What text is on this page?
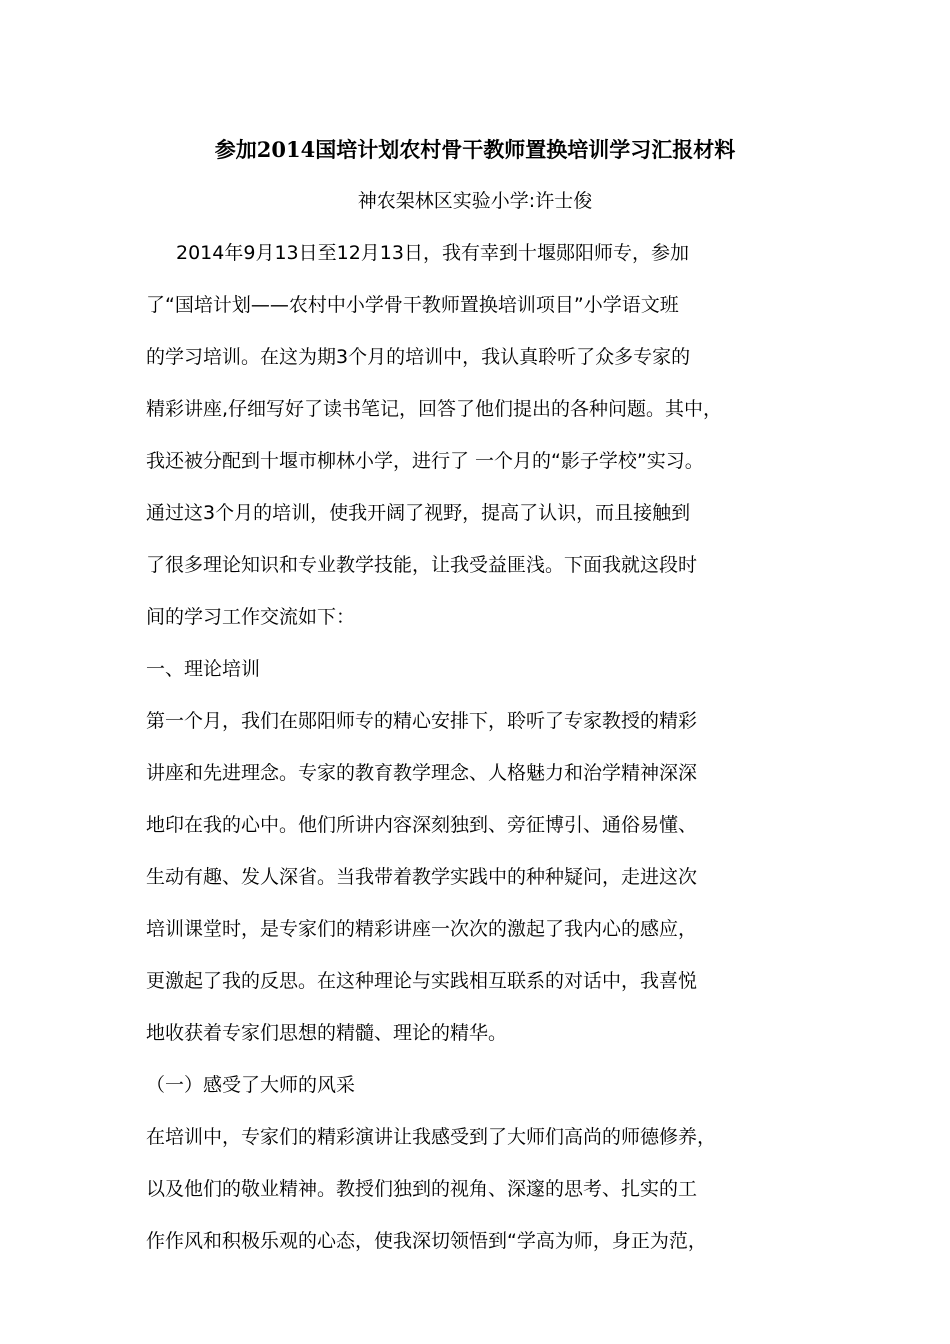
参加2014国培计划农村骨干教师置换培训学习汇报材料

神农架林区实验小学:许士俊

2014年9月13日至12月13日，我有幸到十堰郧阳师专，参加

了“国培计划——农村中小学骨干教师置换培训项目”小学语文班

的学习培训。在这为期3个月的培训中，我认真聆听了众多专家的

精彩讲座,仔细写好了读书笔记，回答了他们提出的各种问题。其中，

我还被分配到十堰市柳林小学，进行了 一个月的“影子学校”实习。

通过这3个月的培训，使我开阔了视野，提高了认识，而且接触到

了很多理论知识和专业教学技能，让我受益匪浅。下面我就这段时

间的学习工作交流如下：

一、理论培训

第一个月，我们在郧阳师专的精心安排下，聆听了专家教授的精彩

讲座和先进理念。专家的教育教学理念、人格魅力和治学精神深深

地印在我的心中。他们所讲内容深刻独到、旁征博引、通俗易懂、

生动有趣、发人深省。当我带着教学实践中的种种疑问，走进这次

培训课堂时，是专家们的精彩讲座一次次的激起了我内心的感应，

更激起了我的反思。在这种理论与实践相互联系的对话中，我喜悦

地收获着专家们思想的精髓、理论的精华。

（一）感受了大师的风采

在培训中，专家们的精彩演讲让我感受到了大师们高尚的师德修养，

以及他们的敬业精神。教授们独到的视角、深邃的思考、扎实的工

作作风和积极乐观的心态，使我深切领悟到“学高为师，身正为范，
